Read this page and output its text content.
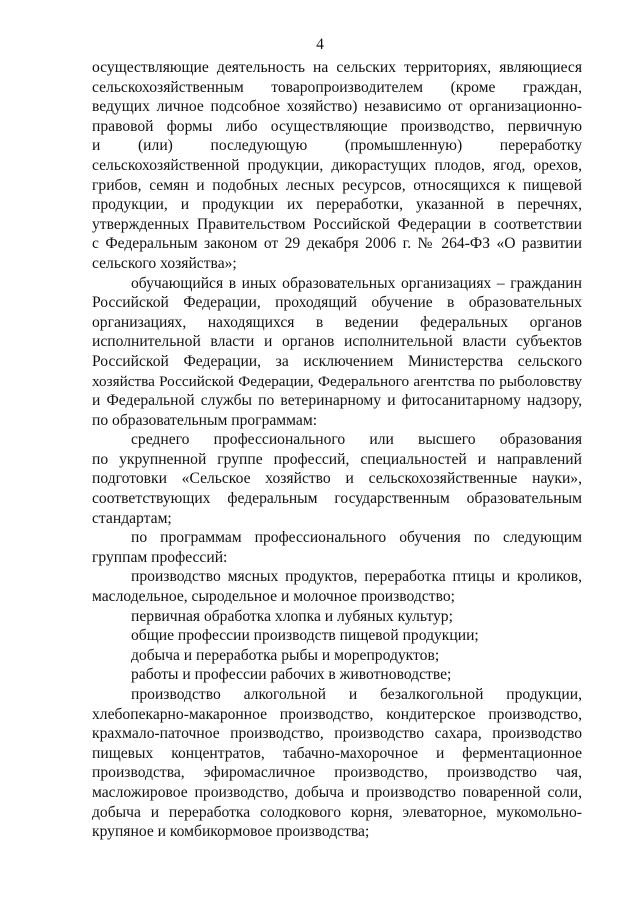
4
осуществляющие деятельность на сельских территориях, являющиеся
сельскохозяйственным товаропроизводителем (кроме граждан,
ведущих личное подсобное хозяйство) независимо от организационно-
правовой формы либо осуществляющие производство, первичную
и (или) последующую (промышленную) переработку
сельскохозяйственной продукции, дикорастущих плодов, ягод, орехов,
грибов, семян и подобных лесных ресурсов, относящихся к пищевой
продукции, и продукции их переработки, указанной в перечнях,
утвержденных Правительством Российской Федерации в соответствии
с Федеральным законом от 29 декабря 2006 г. № 264-ФЗ «О развитии
сельского хозяйства»;
обучающийся в иных образовательных организациях – гражданин
Российской Федерации, проходящий обучение в образовательных
организациях, находящихся в ведении федеральных органов
исполнительной власти и органов исполнительной власти субъектов
Российской Федерации, за исключением Министерства сельского
хозяйства Российской Федерации, Федерального агентства по рыболовству
и Федеральной службы по ветеринарному и фитосанитарному надзору,
по образовательным программам:
среднего профессионального или высшего образования
по укрупненной группе профессий, специальностей и направлений
подготовки «Сельское хозяйство и сельскохозяйственные науки»,
соответствующих федеральным государственным образовательным
стандартам;
по программам профессионального обучения по следующим
группам профессий:
производство мясных продуктов, переработка птицы и кроликов,
маслодельное, сыродельное и молочное производство;
первичная обработка хлопка и лубяных культур;
общие профессии производств пищевой продукции;
добыча и переработка рыбы и морепродуктов;
работы и профессии рабочих в животноводстве;
производство алкогольной и безалкогольной продукции,
хлебопекарно-макаронное производство, кондитерское производство,
крахмало-паточное производство, производство сахара, производство
пищевых концентратов, табачно-махорочное и ферментационное
производства, эфиромасличное производство, производство чая,
масложировое производство, добыча и производство поваренной соли,
добыча и переработка солодкового корня, элеваторное, мукомольно-
крупяное и комбикормовое производства;
